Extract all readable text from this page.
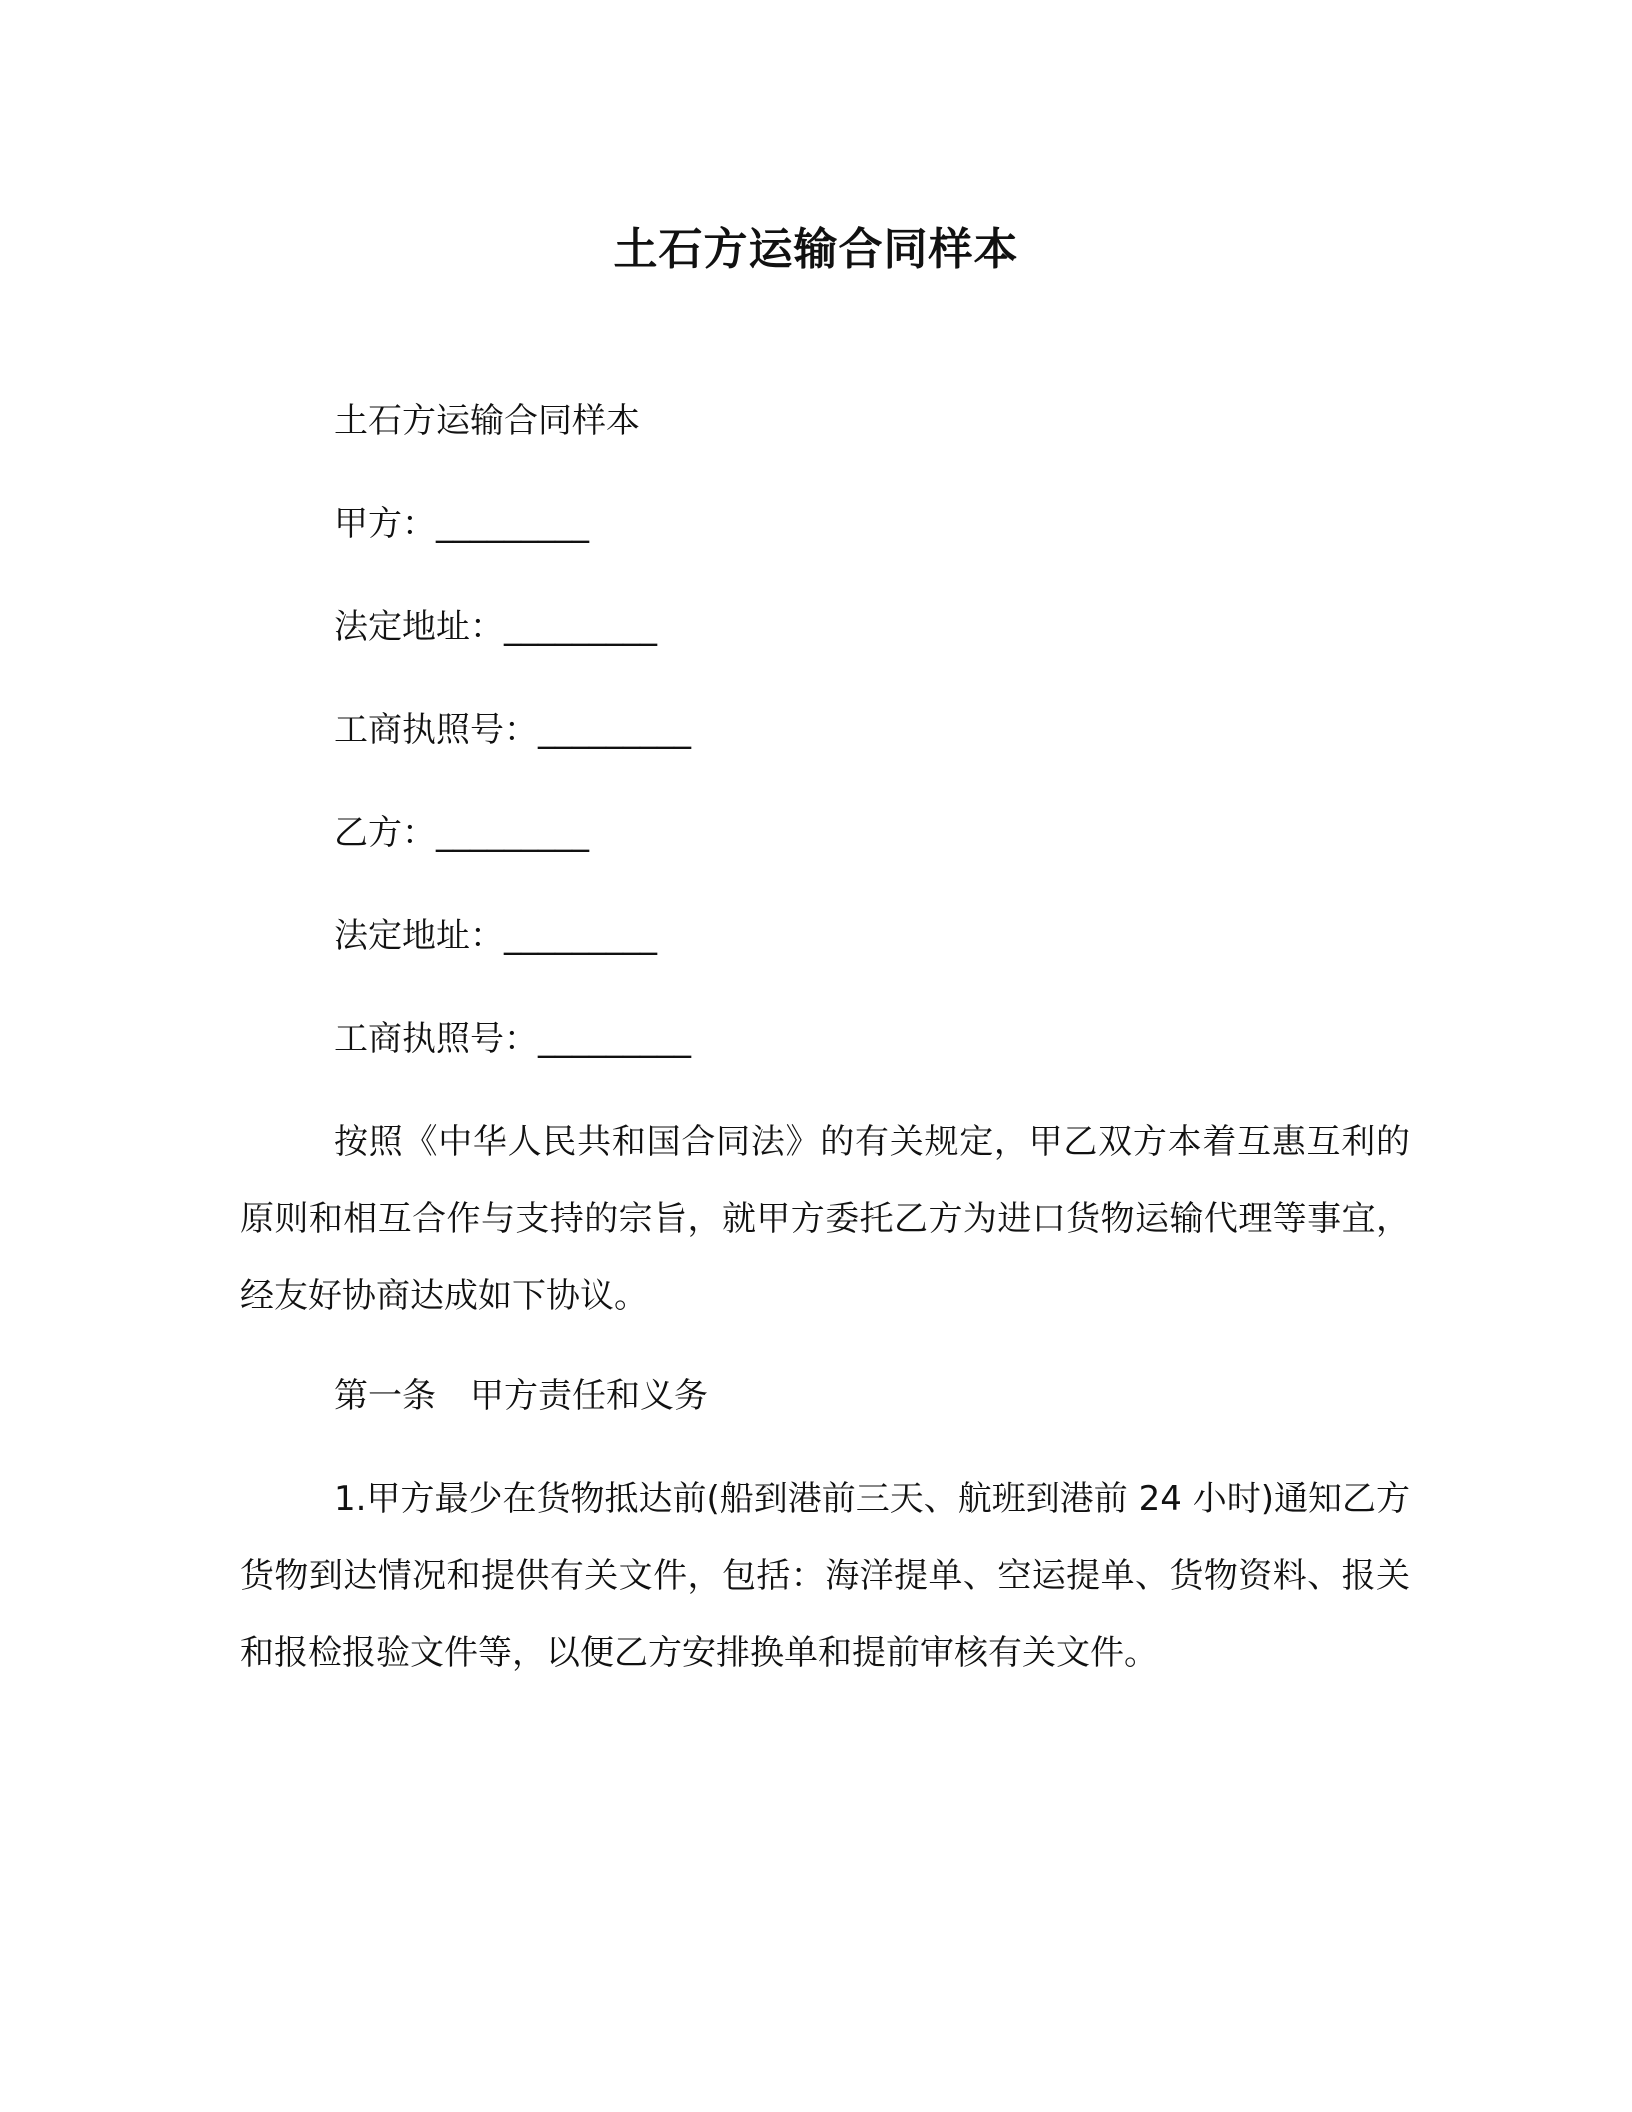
土石方运输合同样本
土石方运输合同样本
甲方：_________
法定地址：_________
工商执照号：_________
乙方：_________
法定地址：_________
工商执照号：_________
按照《中华人民共和国合同法》的有关规定，甲乙双方本着互惠互利的原则和相互合作与支持的宗旨，就甲方委托乙方为进口货物运输代理等事宜，经友好协商达成如下协议。
第一条　甲方责任和义务
1.甲方最少在货物抵达前(船到港前三天、航班到港前 24 小时)通知乙方货物到达情况和提供有关文件，包括：海洋提单、空运提单、货物资料、报关和报检报验文件等，以便乙方安排换单和提前审核有关文件。
